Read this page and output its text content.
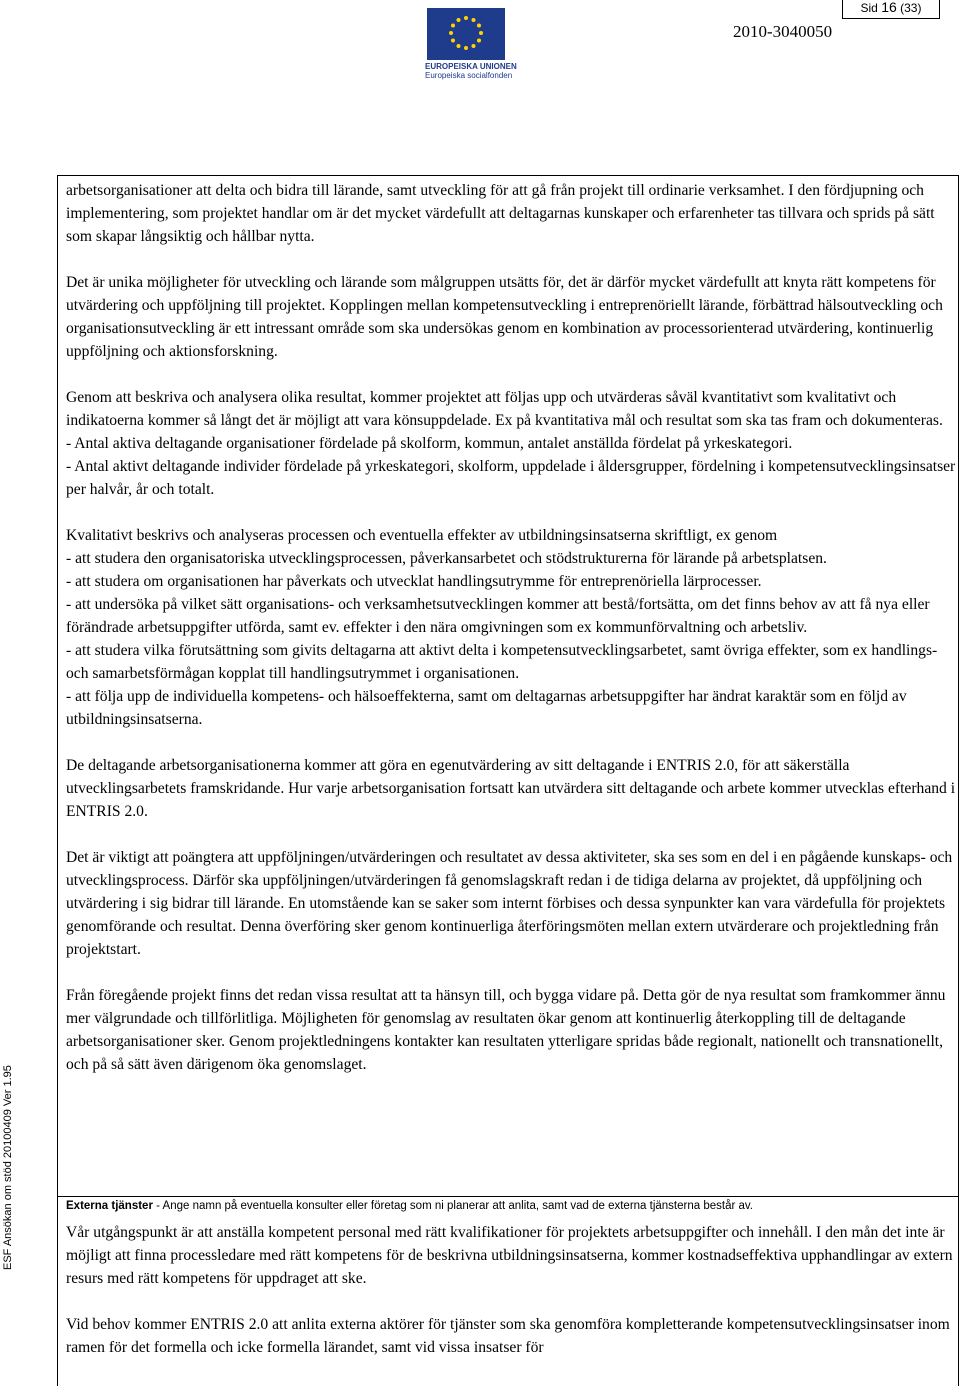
Sid 16 (33)
EUROPEISKA UNIONEN
Europeiska socialfonden
2010-3040050
ESF Ansökan om stöd 20100409 Ver 1.95

arbetsorganisationer att delta och bidra till lärande, samt utveckling för att gå från projekt till ordinarie verksamhet. I den fördjupning och implementering, som projektet handlar om är det mycket värdefullt att deltagarnas kunskaper och erfarenheter tas tillvara och sprids på sätt som skapar långsiktig och hållbar nytta.

Det är unika möjligheter för utveckling och lärande som målgruppen utsätts för, det är därför mycket värdefullt att knyta rätt kompetens för utvärdering och uppföljning till projektet. Kopplingen mellan kompetensutveckling i entreprenöriellt lärande, förbättrad hälsoutveckling och organisationsutveckling är ett intressant område som ska undersökas genom en kombination av processorienterad utvärdering, kontinuerlig uppföljning och aktionsforskning.

Genom att beskriva och analysera olika resultat, kommer projektet att följas upp och utvärderas såväl kvantitativt som kvalitativt och indikatoerna kommer så långt det är möjligt att vara könsuppdelade. Ex på kvantitativa mål och resultat som ska tas fram och dokumenteras.
- Antal aktiva deltagande organisationer fördelade på skolform, kommun, antalet anställda fördelat på yrkeskategori.
- Antal aktivt deltagande individer fördelade på yrkeskategori, skolform, uppdelade i åldersgrupper, fördelning i kompetensutvecklingsinsatser per halvår, år och totalt.

Kvalitativt beskrivs och analyseras processen och eventuella effekter av utbildningsinsatserna skriftligt, ex genom
- att studera den organisatoriska utvecklingsprocessen, påverkansarbetet och stödstrukturerna för lärande på arbetsplatsen.
- att studera om organisationen har påverkats och utvecklat handlingsutrymme för entreprenöriella lärprocesser.
- att undersöka på vilket sätt organisations- och verksamhetsutvecklingen kommer att bestå/fortsätta, om det finns behov av att få nya eller förändrade arbetsuppgifter utförda, samt ev. effekter i den nära omgivningen som ex kommunförvaltning och arbetsliv.
- att studera vilka förutsättning som givits deltagarna att aktivt delta i kompetensutvecklingsarbetet, samt övriga effekter, som ex handlings- och samarbetsförmågan kopplat till handlingsutrymmet i organisationen.
- att följa upp de individuella kompetens- och hälsoeffekterna, samt om deltagarnas arbetsuppgifter har ändrat karaktär som en följd av utbildningsinsatserna.

De deltagande arbetsorganisationerna kommer att göra en egenutvärdering av sitt deltagande i ENTRIS 2.0, för att säkerställa utvecklingsarbetets framskridande. Hur varje arbetsorganisation fortsatt kan utvärdera sitt deltagande och arbete kommer utvecklas efterhand i ENTRIS 2.0.

Det är viktigt att poängtera att uppföljningen/utvärderingen och resultatet av dessa aktiviteter, ska ses som en del i en pågående kunskaps- och utvecklingsprocess. Därför ska uppföljningen/utvärderingen få genomslagskraft redan i de tidiga delarna av projektet, då uppföljning och utvärdering i sig bidrar till lärande. En utomstående kan se saker som internt förbises och dessa synpunkter kan vara värdefulla för projektets genomförande och resultat. Denna överföring sker genom kontinuerliga återföringsmöten mellan extern utvärderare och projektledning från projektstart.

Från föregående projekt finns det redan vissa resultat att ta hänsyn till, och bygga vidare på. Detta gör de nya resultat som framkommer ännu mer välgrundade och tillförlitliga. Möjligheten för genomslag av resultaten ökar genom att kontinuerlig återkoppling till de deltagande arbetsorganisationer sker. Genom projektledningens kontakter kan resultaten ytterligare spridas både regionalt, nationellt och transnationellt, och på så sätt även därigenom öka genomslaget.

Externa tjänster - Ange namn på eventuella konsulter eller företag som ni planerar att anlita, samt vad de externa tjänsterna består av.

Vår utgångspunkt är att anställa kompetent personal med rätt kvalifikationer för projektets arbetsuppgifter och innehåll. I den mån det inte är möjligt att finna processledare med rätt kompetens för de beskrivna utbildningsinsatserna, kommer kostnadseffektiva upphandlingar av extern resurs med rätt kompetens för uppdraget att ske.

Vid behov kommer ENTRIS 2.0 att anlita externa aktörer för tjänster som ska genomföra kompletterande kompetensutvecklingsinsatser inom ramen för det formella och icke formella lärandet, samt vid vissa insatser för
